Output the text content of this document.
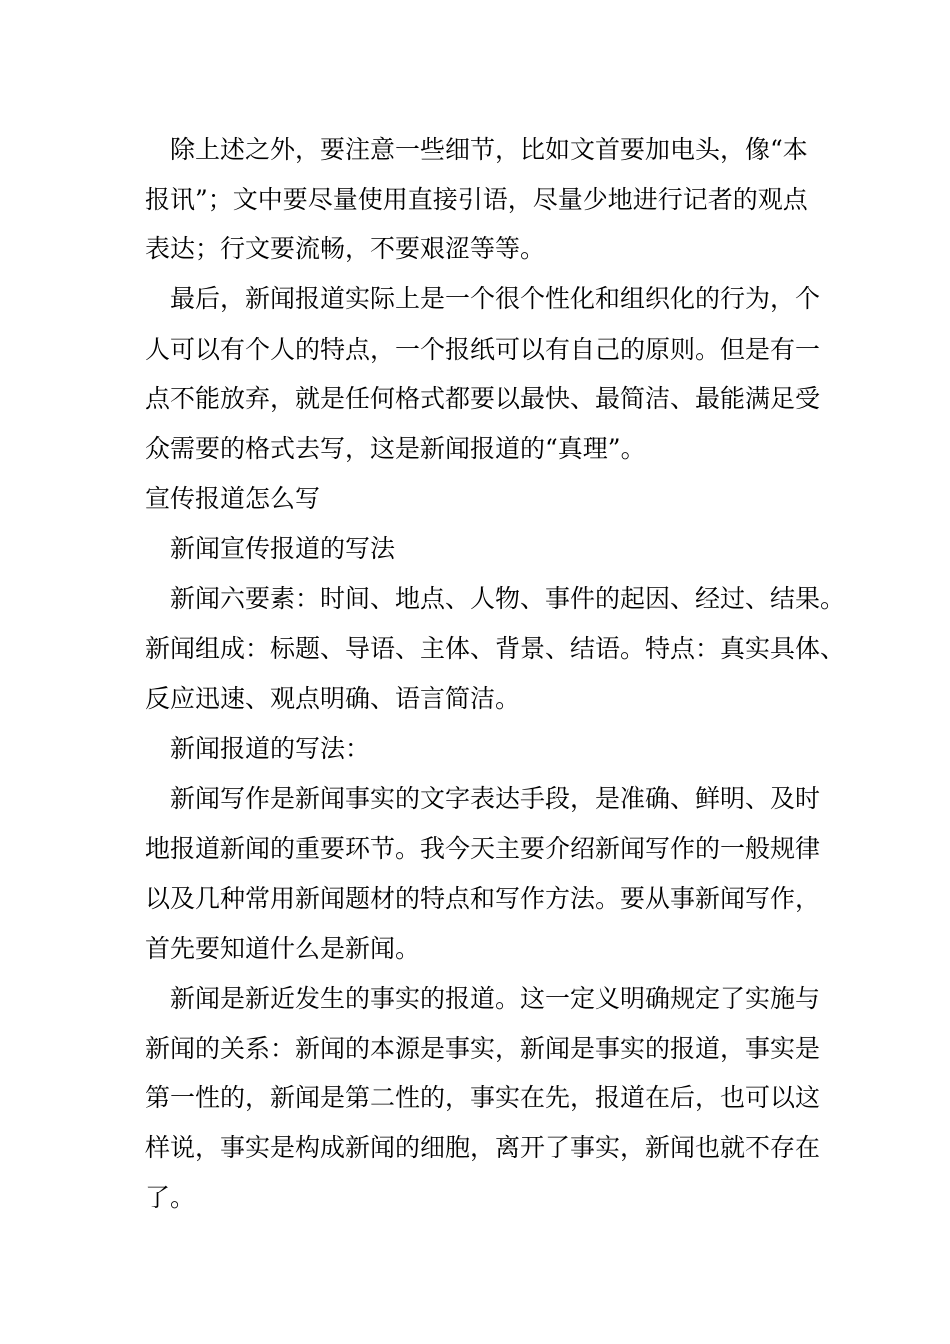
　除上述之外，要注意一些细节，比如文首要加电头，像“本
报讯”；文中要尽量使用直接引语，尽量少地进行记者的观点
表达；行文要流畅，不要艰涩等等。
　最后，新闻报道实际上是一个很个性化和组织化的行为，个
人可以有个人的特点，一个报纸可以有自己的原则。但是有一
点不能放弃，就是任何格式都要以最快、最简洁、最能满足受
众需要的格式去写，这是新闻报道的“真理”。
宣传报道怎么写
　新闻宣传报道的写法
　新闻六要素：时间、地点、人物、事件的起因、经过、结果。
新闻组成：标题、导语、主体、背景、结语。特点：真实具体、
反应迅速、观点明确、语言简洁。
　新闻报道的写法：
　新闻写作是新闻事实的文字表达手段，是准确、鲜明、及时
地报道新闻的重要环节。我今天主要介绍新闻写作的一般规律
以及几种常用新闻题材的特点和写作方法。要从事新闻写作，
首先要知道什么是新闻。
　新闻是新近发生的事实的报道。这一定义明确规定了实施与
新闻的关系：新闻的本源是事实，新闻是事实的报道，事实是
第一性的，新闻是第二性的，事实在先，报道在后，也可以这
样说，事实是构成新闻的细胞，离开了事实，新闻也就不存在
了。
